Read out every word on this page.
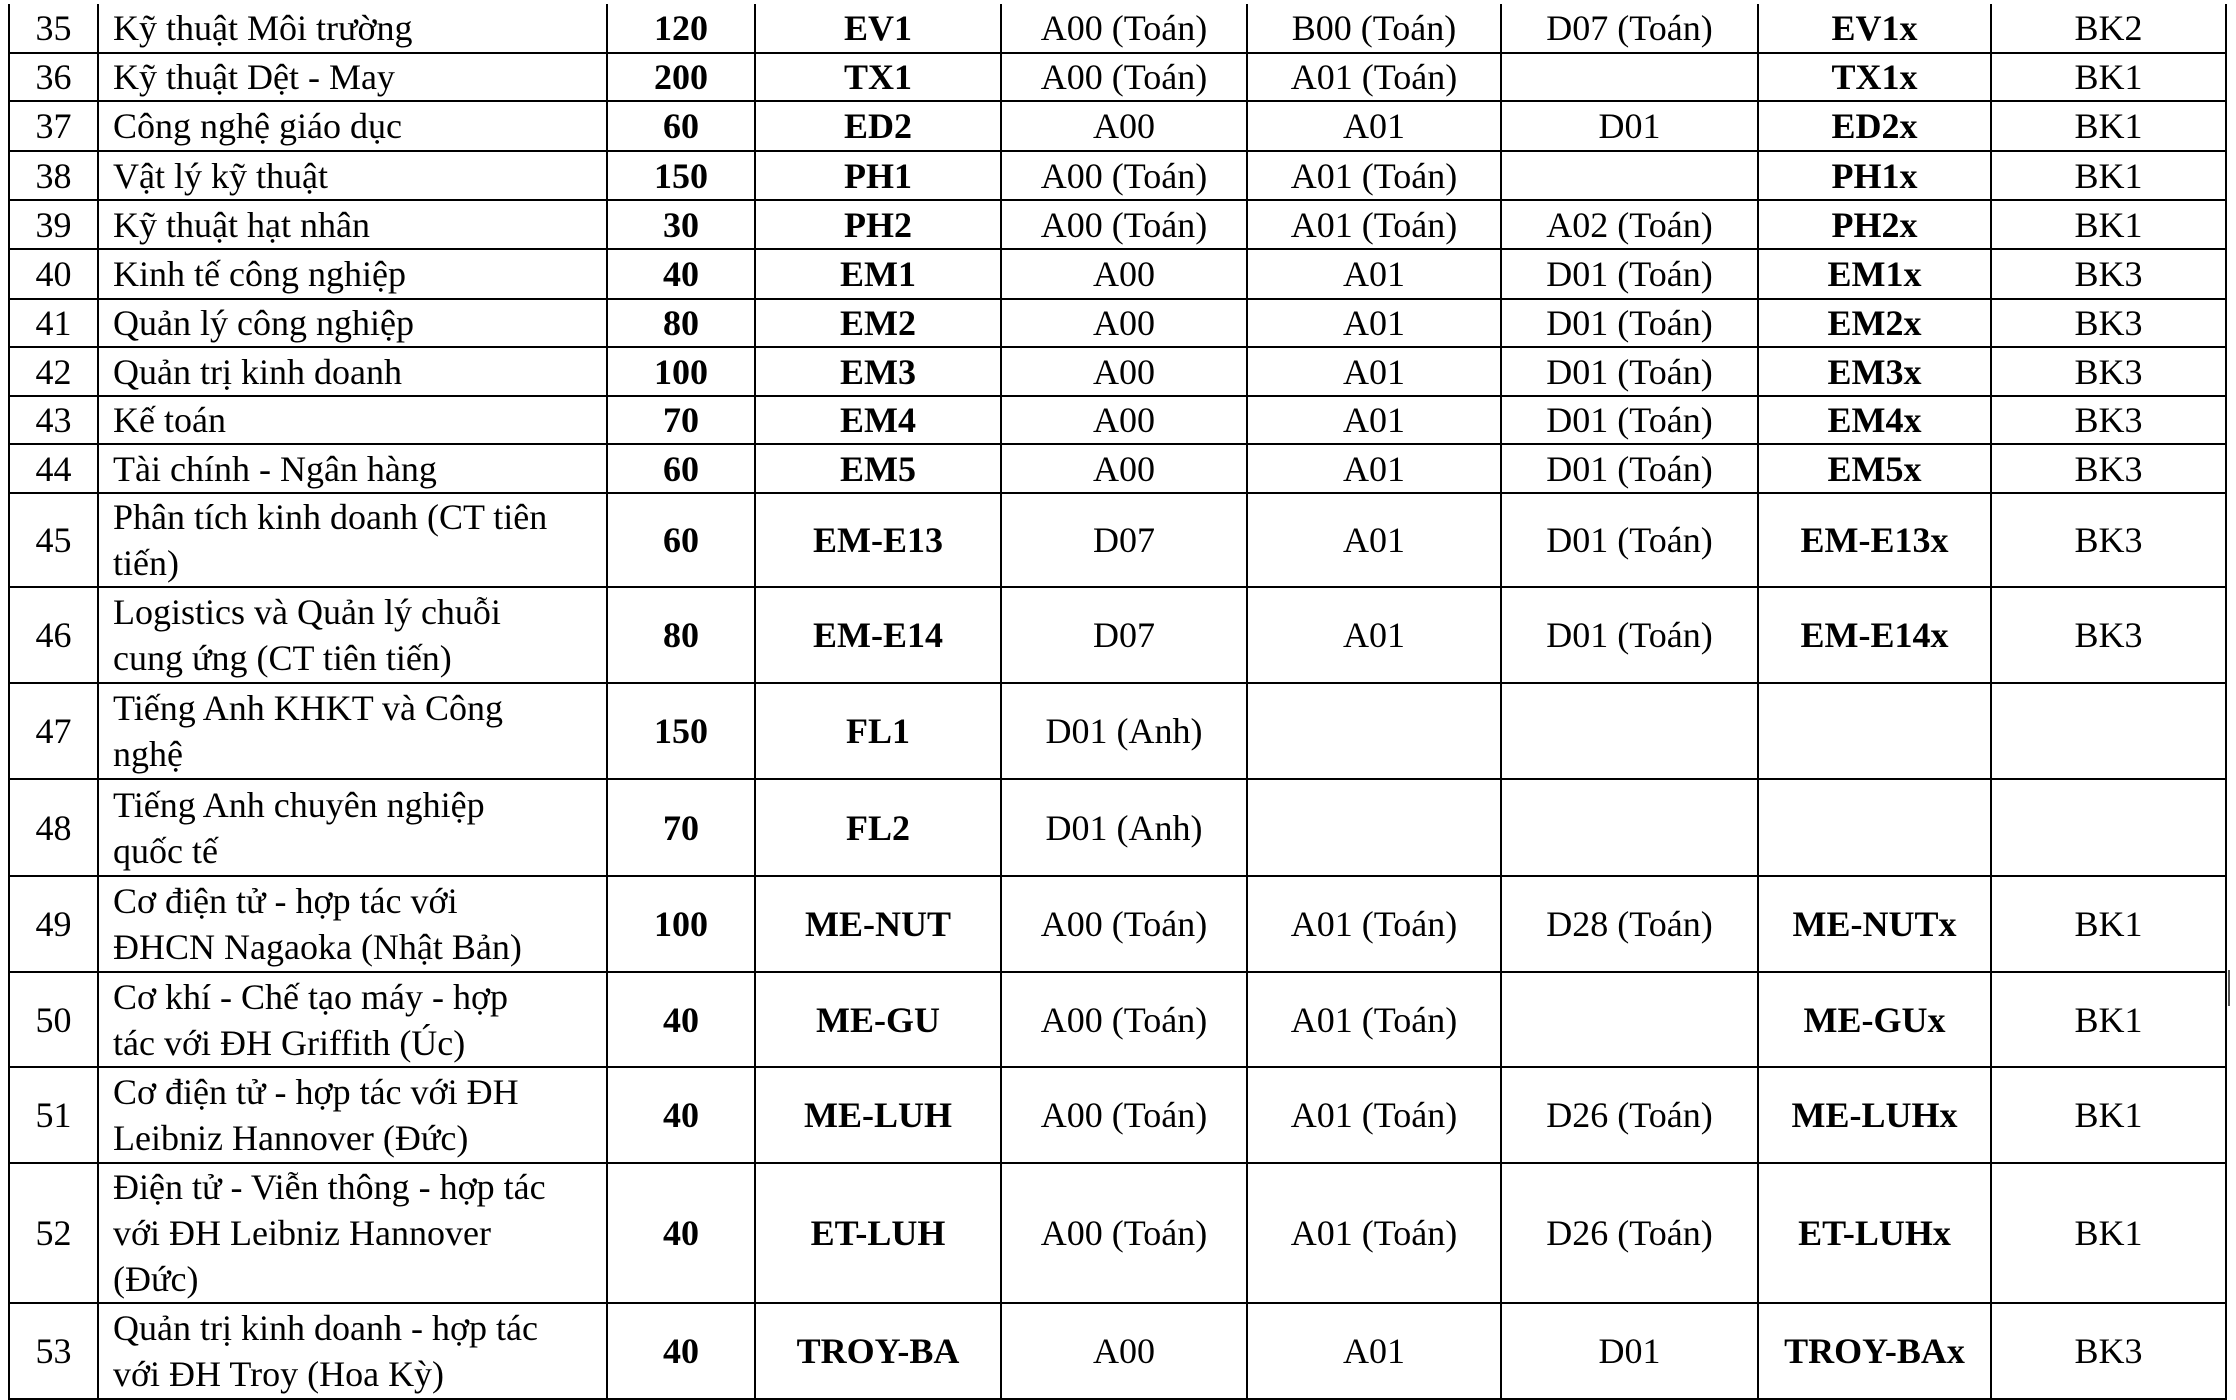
35	Kỹ thuật Môi trường	120	EV1	A00 (Toán)	B00 (Toán)	D07 (Toán)	EV1x	BK2
36	Kỹ thuật Dệt - May	200	TX1	A00 (Toán)	A01 (Toán)		TX1x	BK1
37	Công nghệ giáo dục	60	ED2	A00	A01	D01	ED2x	BK1
38	Vật lý kỹ thuật	150	PH1	A00 (Toán)	A01 (Toán)		PH1x	BK1
39	Kỹ thuật hạt nhân	30	PH2	A00 (Toán)	A01 (Toán)	A02 (Toán)	PH2x	BK1
40	Kinh tế công nghiệp	40	EM1	A00	A01	D01 (Toán)	EM1x	BK3
41	Quản lý công nghiệp	80	EM2	A00	A01	D01 (Toán)	EM2x	BK3
42	Quản trị kinh doanh	100	EM3	A00	A01	D01 (Toán)	EM3x	BK3
43	Kế toán	70	EM4	A00	A01	D01 (Toán)	EM4x	BK3
44	Tài chính - Ngân hàng	60	EM5	A00	A01	D01 (Toán)	EM5x	BK3
45	Phân tích kinh doanh (CT tiên
tiến)	60	EM-E13	D07	A01	D01 (Toán)	EM-E13x	BK3
46	Logistics và Quản lý chuỗi
cung ứng (CT tiên tiến)	80	EM-E14	D07	A01	D01 (Toán)	EM-E14x	BK3
47	Tiếng Anh KHKT và Công
nghệ	150	FL1	D01 (Anh)				
48	Tiếng Anh chuyên nghiệp
quốc tế	70	FL2	D01 (Anh)				
49	Cơ điện tử - hợp tác với
ĐHCN Nagaoka (Nhật Bản)	100	ME-NUT	A00 (Toán)	A01 (Toán)	D28 (Toán)	ME-NUTx	BK1
50	Cơ khí - Chế tạo máy - hợp
tác với ĐH Griffith (Úc)	40	ME-GU	A00 (Toán)	A01 (Toán)		ME-GUx	BK1
51	Cơ điện tử - hợp tác với ĐH
Leibniz Hannover (Đức)	40	ME-LUH	A00 (Toán)	A01 (Toán)	D26 (Toán)	ME-LUHx	BK1
52	Điện tử - Viễn thông - hợp tác
với ĐH Leibniz Hannover
(Đức)	40	ET-LUH	A00 (Toán)	A01 (Toán)	D26 (Toán)	ET-LUHx	BK1
53	Quản trị kinh doanh - hợp tác
với ĐH Troy (Hoa Kỳ)	40	TROY-BA	A00	A01	D01	TROY-BAx	BK3
